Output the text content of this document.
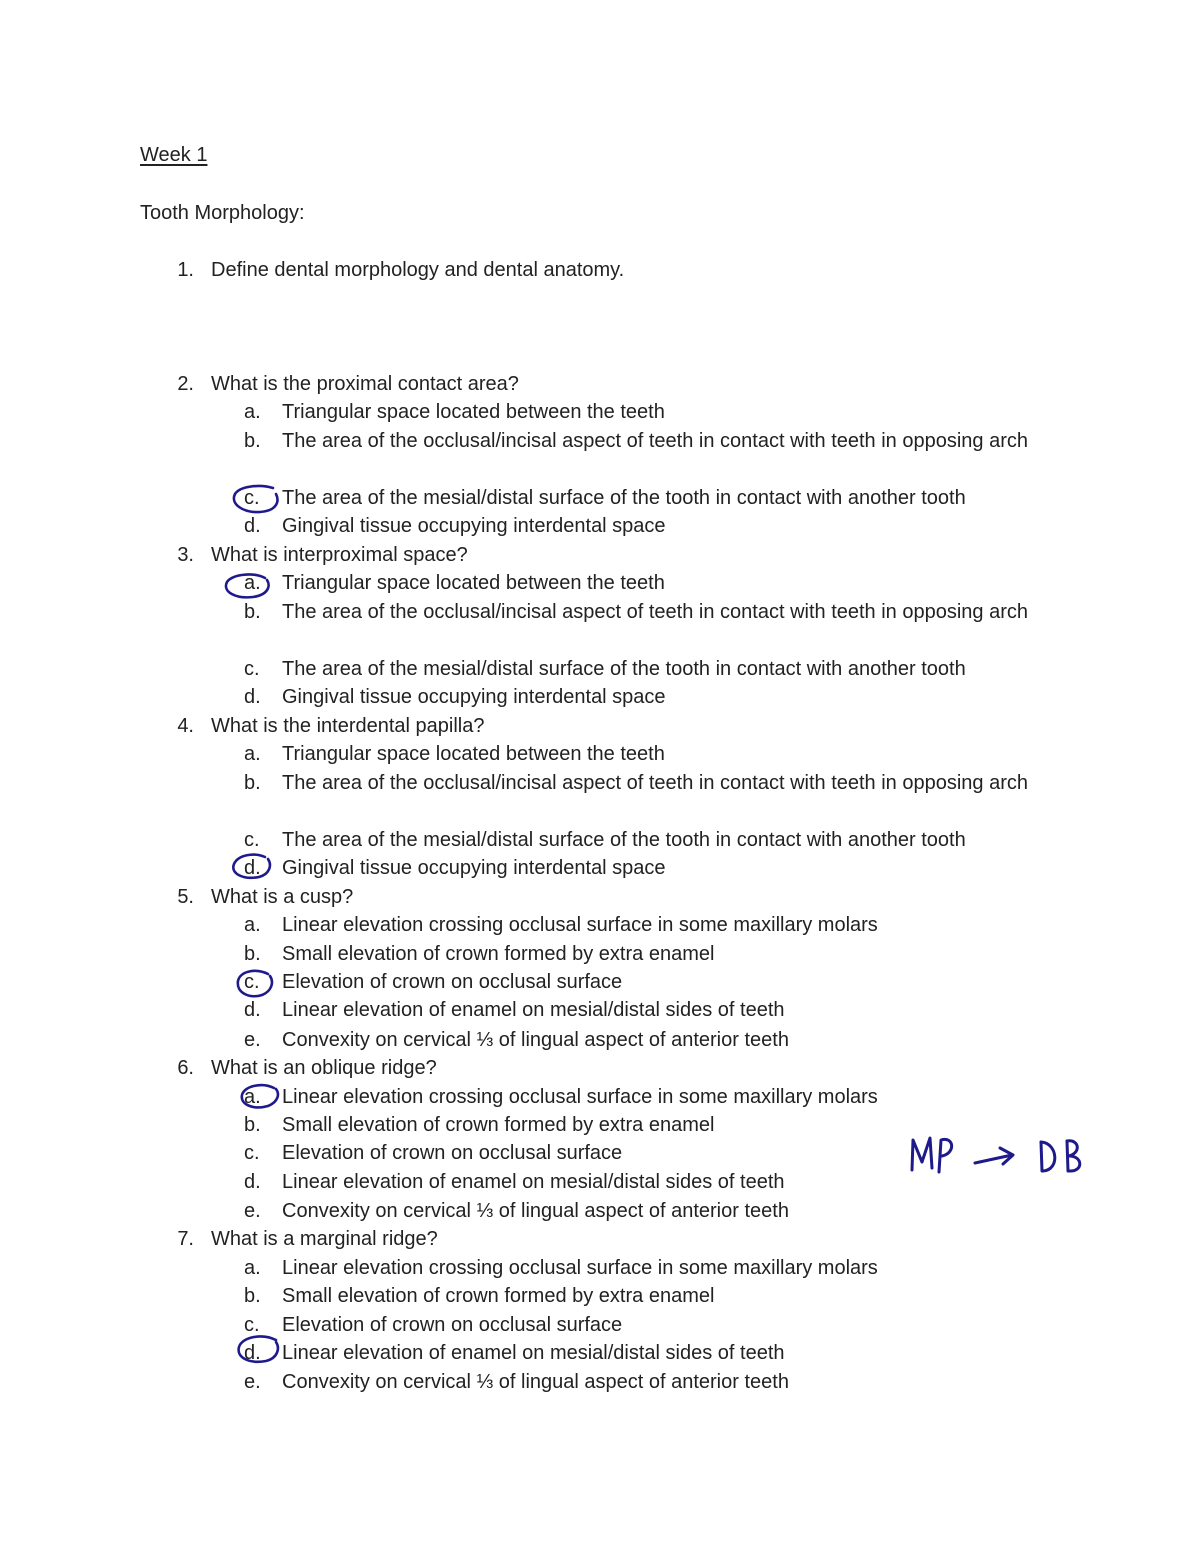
Week 1
Tooth Morphology:
1. Define dental morphology and dental anatomy.
2. What is the proximal contact area?
a. Triangular space located between the teeth
b. The area of the occlusal/incisal aspect of teeth in contact with teeth in opposing arch
c.	The area of the mesial/distal surface of the tooth in contact with another tooth
d. Gingival tissue occupying interdental space
3. What is interproximal space?
a. Triangular space located between the teeth
b. The area of the occlusal/incisal aspect of teeth in contact with teeth in opposing arch
c.	The area of the mesial/distal surface of the tooth in contact with another tooth
d. Gingival tissue occupying interdental space
4. What is the interdental papilla?
a. Triangular space located between the teeth
b. The area of the occlusal/incisal aspect of teeth in contact with teeth in opposing arch
c.	The area of the mesial/distal surface of the tooth in contact with another tooth
d. Gingival tissue occupying interdental space
5. What is a cusp?
a. Linear elevation crossing occlusal surface in some maxillary molars
b. Small elevation of crown formed by extra enamel
c.	Elevation of crown on occlusal surface
d. Linear elevation of enamel on mesial/distal sides of teeth
e. Convexity on cervical ⅓ of lingual aspect of anterior teeth
6. What is an oblique ridge?
a. Linear elevation crossing occlusal surface in some maxillary molars
b. Small elevation of crown formed by extra enamel
c.	Elevation of crown on occlusal surface
d. Linear elevation of enamel on mesial/distal sides of teeth
e. Convexity on cervical ⅓ of lingual aspect of anterior teeth
7. What is a marginal ridge?
a. Linear elevation crossing occlusal surface in some maxillary molars
b. Small elevation of crown formed by extra enamel
c.	Elevation of crown on occlusal surface
d. Linear elevation of enamel on mesial/distal sides of teeth
e. Convexity on cervical ⅓ of lingual aspect of anterior teeth
